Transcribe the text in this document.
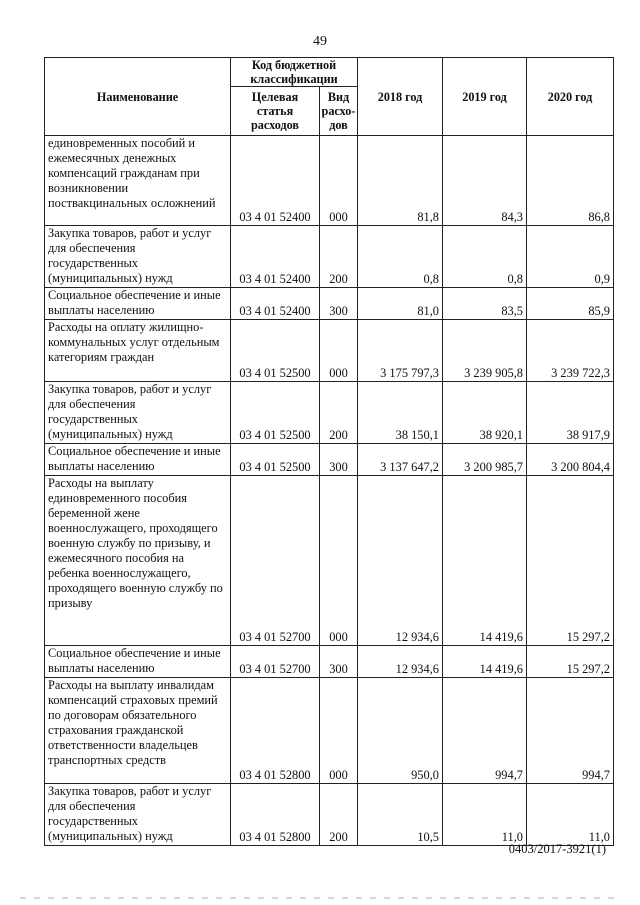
49
Наименование	Код бюджетной классификации		2018 год	2019 год	2020 год
	Целевая статья расходов	Вид расхо-дов			
единовременных пособий и ежемесячных денежных компенсаций гражданам при возникновении поствакцинальных осложнений	03 4 01 52400	000	81,8	84,3	86,8
Закупка товаров, работ и услуг для обеспечения государственных (муниципальных) нужд	03 4 01 52400	200	0,8	0,8	0,9
Социальное обеспечение и иные выплаты населению	03 4 01 52400	300	81,0	83,5	85,9
Расходы на оплату жилищно-коммунальных услуг отдельным категориям граждан	03 4 01 52500	000	3 175 797,3	3 239 905,8	3 239 722,3
Закупка товаров, работ и услуг для обеспечения государственных (муниципальных) нужд	03 4 01 52500	200	38 150,1	38 920,1	38 917,9
Социальное обеспечение и иные выплаты населению	03 4 01 52500	300	3 137 647,2	3 200 985,7	3 200 804,4
Расходы на выплату единовременного пособия беременной жене военнослужащего, проходящего военную службу по призыву, и ежемесячного пособия на ребенка военнослужащего, проходящего военную службу по призыву	03 4 01 52700	000	12 934,6	14 419,6	15 297,2
Социальное обеспечение и иные выплаты населению	03 4 01 52700	300	12 934,6	14 419,6	15 297,2
Расходы на выплату инвалидам компенсаций страховых премий по договорам обязательного страхования гражданской ответственности владельцев транспортных средств	03 4 01 52800	000	950,0	994,7	994,7
Закупка товаров, работ и услуг для обеспечения государственных (муниципальных) нужд	03 4 01 52800	200	10,5	11,0	11,0
0403/2017-3921(1)
